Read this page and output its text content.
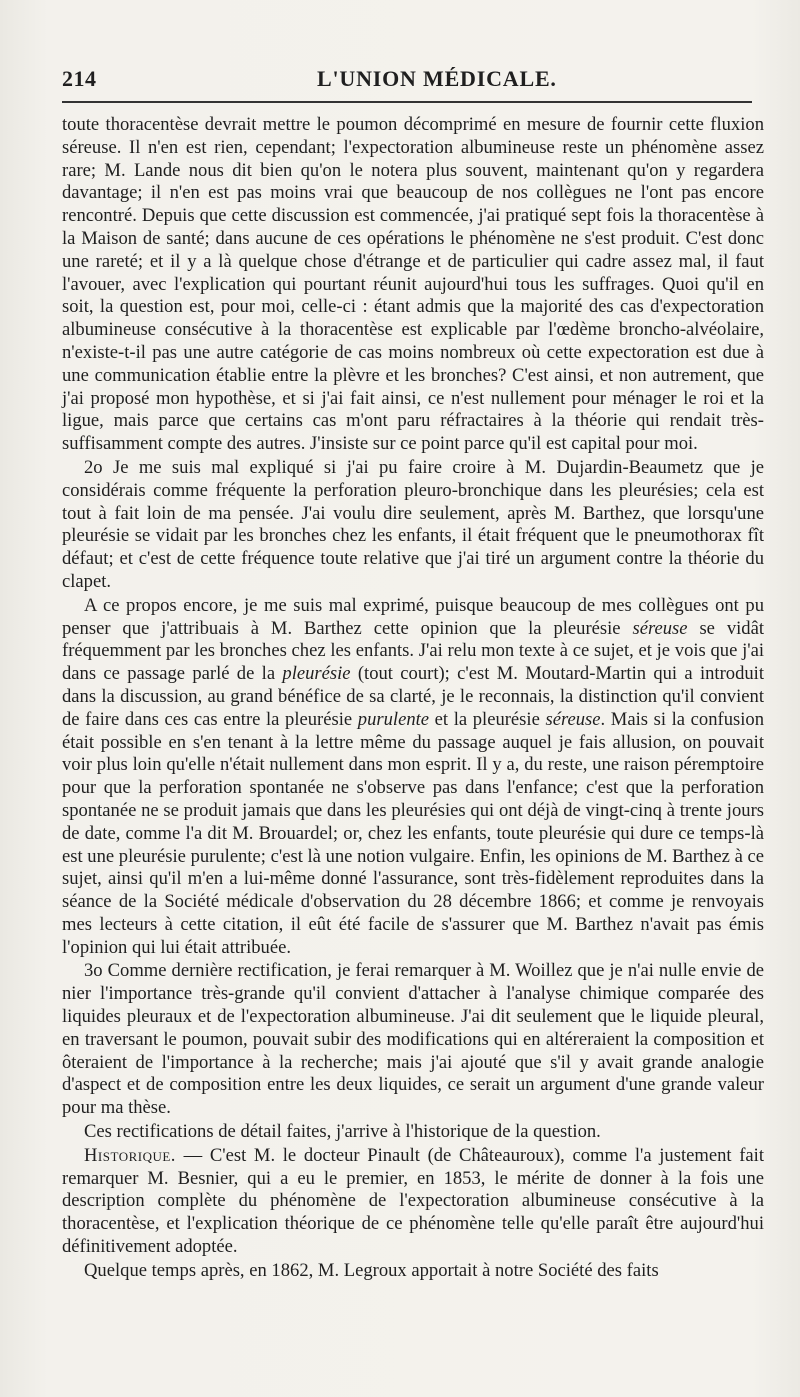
214	L'UNION MÉDICALE.

toute thoracentèse devrait mettre le poumon décomprimé en mesure de fournir cette fluxion séreuse. Il n'en est rien, cependant; l'expectoration albumineuse reste un phénomène assez rare; M. Lande nous dit bien qu'on le notera plus souvent, maintenant qu'on y regardera davantage; il n'en est pas moins vrai que beaucoup de nos collègues ne l'ont pas encore rencontré. Depuis que cette discussion est commencée, j'ai pratiqué sept fois la thoracentèse à la Maison de santé; dans aucune de ces opérations le phénomène ne s'est produit. C'est donc une rareté; et il y a là quelque chose d'étrange et de particulier qui cadre assez mal, il faut l'avouer, avec l'explication qui pourtant réunit aujourd'hui tous les suffrages. Quoi qu'il en soit, la question est, pour moi, celle-ci : étant admis que la majorité des cas d'expectoration albumineuse consécutive à la thoracentèse est explicable par l'œdème broncho-alvéolaire, n'existe-t-il pas une autre catégorie de cas moins nombreux où cette expectoration est due à une communication établie entre la plèvre et les bronches? C'est ainsi, et non autrement, que j'ai proposé mon hypothèse, et si j'ai fait ainsi, ce n'est nullement pour ménager le roi et la ligue, mais parce que certains cas m'ont paru réfractaires à la théorie qui rendait très-suffisamment compte des autres. J'insiste sur ce point parce qu'il est capital pour moi.

2o Je me suis mal expliqué si j'ai pu faire croire à M. Dujardin-Beaumetz que je considérais comme fréquente la perforation pleuro-bronchique dans les pleurésies; cela est tout à fait loin de ma pensée. J'ai voulu dire seulement, après M. Barthez, que lorsqu'une pleurésie se vidait par les bronches chez les enfants, il était fréquent que le pneumothorax fît défaut; et c'est de cette fréquence toute relative que j'ai tiré un argument contre la théorie du clapet.

A ce propos encore, je me suis mal exprimé, puisque beaucoup de mes collègues ont pu penser que j'attribuais à M. Barthez cette opinion que la pleurésie séreuse se vidât fréquemment par les bronches chez les enfants. J'ai relu mon texte à ce sujet, et je vois que j'ai dans ce passage parlé de la pleurésie (tout court); c'est M. Moutard-Martin qui a introduit dans la discussion, au grand bénéfice de sa clarté, je le reconnais, la distinction qu'il convient de faire dans ces cas entre la pleurésie purulente et la pleurésie séreuse. Mais si la confusion était possible en s'en tenant à la lettre même du passage auquel je fais allusion, on pouvait voir plus loin qu'elle n'était nullement dans mon esprit. Il y a, du reste, une raison péremptoire pour que la perforation spontanée ne s'observe pas dans l'enfance; c'est que la perforation spontanée ne se produit jamais que dans les pleurésies qui ont déjà de vingt-cinq à trente jours de date, comme l'a dit M. Brouardel; or, chez les enfants, toute pleurésie qui dure ce temps-là est une pleurésie purulente; c'est là une notion vulgaire. Enfin, les opinions de M. Barthez à ce sujet, ainsi qu'il m'en a lui-même donné l'assurance, sont très-fidèlement reproduites dans la séance de la Société médicale d'observation du 28 décembre 1866; et comme je renvoyais mes lecteurs à cette citation, il eût été facile de s'assurer que M. Barthez n'avait pas émis l'opinion qui lui était attribuée.

3o Comme dernière rectification, je ferai remarquer à M. Woillez que je n'ai nulle envie de nier l'importance très-grande qu'il convient d'attacher à l'analyse chimique comparée des liquides pleuraux et de l'expectoration albumineuse. J'ai dit seulement que le liquide pleural, en traversant le poumon, pouvait subir des modifications qui en altéreraient la composition et ôteraient de l'importance à la recherche; mais j'ai ajouté que s'il y avait grande analogie d'aspect et de composition entre les deux liquides, ce serait un argument d'une grande valeur pour ma thèse.

Ces rectifications de détail faites, j'arrive à l'historique de la question.

Historique. — C'est M. le docteur Pinault (de Châteauroux), comme l'a justement fait remarquer M. Besnier, qui a eu le premier, en 1853, le mérite de donner à la fois une description complète du phénomène de l'expectoration albumineuse consécutive à la thoracentèse, et l'explication théorique de ce phénomène telle qu'elle paraît être aujourd'hui définitivement adoptée.

Quelque temps après, en 1862, M. Legroux apportait à notre Société des faits
